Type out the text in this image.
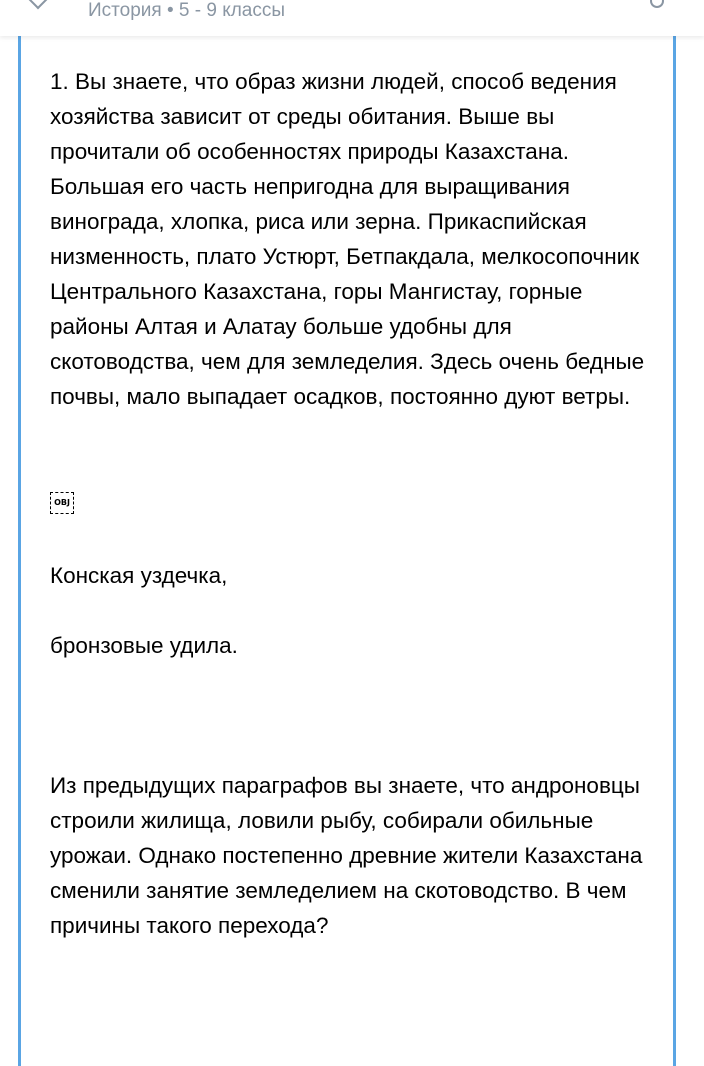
История • 5 - 9 классы

1. Вы знаете, что образ жизни людей, способ ведения хозяйства зависит от среды обитания. Выше вы прочитали об особенностях природы Казахстана. Большая его часть непригодна для выращивания винограда, хлопка, риса или зерна. Прикаспийская низменность, плато Устюрт, Бетпакдала, мелкосопочник Центрального Казахстана, горы Мангистау, горные районы Алтая и Алатау больше удобны для скотоводства, чем для земледелия. Здесь очень бедные почвы, мало выпадает осадков, постоянно дуют ветры.

OBJ

Конская уздечка,

бронзовые удила.

Из предыдущих параграфов вы знаете, что андроновцы строили жилища, ловили рыбу, собирали обильные урожаи. Однако постепенно древние жители Казахстана сменили занятие земледелием на скотоводство. В чем причины такого перехода?
